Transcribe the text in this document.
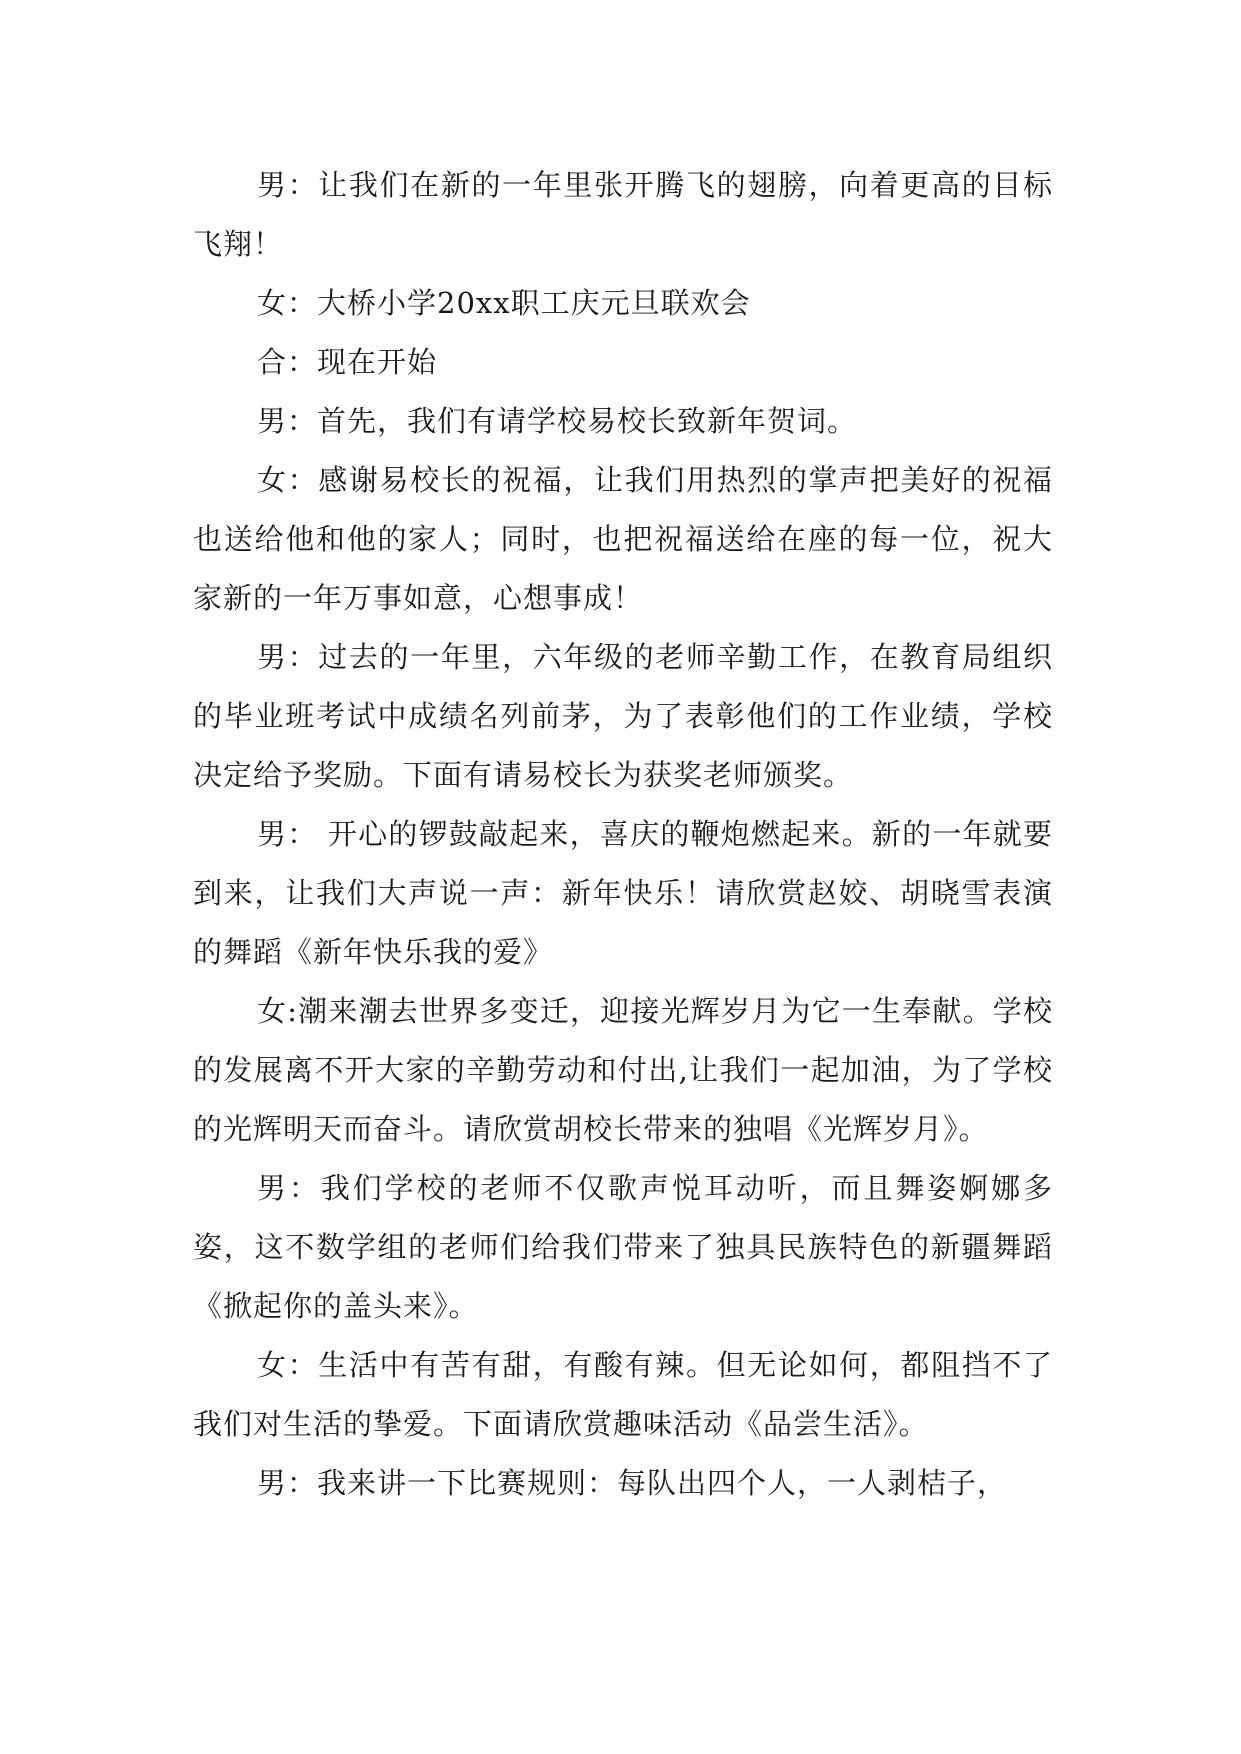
男：让我们在新的一年里张开腾飞的翅膀，向着更高的目标飞翔！

女：大桥小学20xx职工庆元旦联欢会

合：现在开始

男：首先，我们有请学校易校长致新年贺词。

女：感谢易校长的祝福，让我们用热烈的掌声把美好的祝福也送给他和他的家人；同时，也把祝福送给在座的每一位，祝大家新的一年万事如意，心想事成！

男：过去的一年里，六年级的老师辛勤工作，在教育局组织的毕业班考试中成绩名列前茅，为了表彰他们的工作业绩，学校决定给予奖励。下面有请易校长为获奖老师颁奖。

男： 开心的锣鼓敲起来，喜庆的鞭炮燃起来。新的一年就要到来，让我们大声说一声：新年快乐！请欣赏赵姣、胡晓雪表演的舞蹈《新年快乐我的爱》

女:潮来潮去世界多变迁，迎接光辉岁月为它一生奉献。学校的发展离不开大家的辛勤劳动和付出,让我们一起加油，为了学校的光辉明天而奋斗。请欣赏胡校长带来的独唱《光辉岁月》。

男：我们学校的老师不仅歌声悦耳动听，而且舞姿婀娜多姿，这不数学组的老师们给我们带来了独具民族特色的新疆舞蹈《掀起你的盖头来》。

女：生活中有苦有甜，有酸有辣。但无论如何，都阻挡不了我们对生活的挚爱。下面请欣赏趣味活动《品尝生活》。

男：我来讲一下比赛规则：每队出四个人，一人剥桔子，
